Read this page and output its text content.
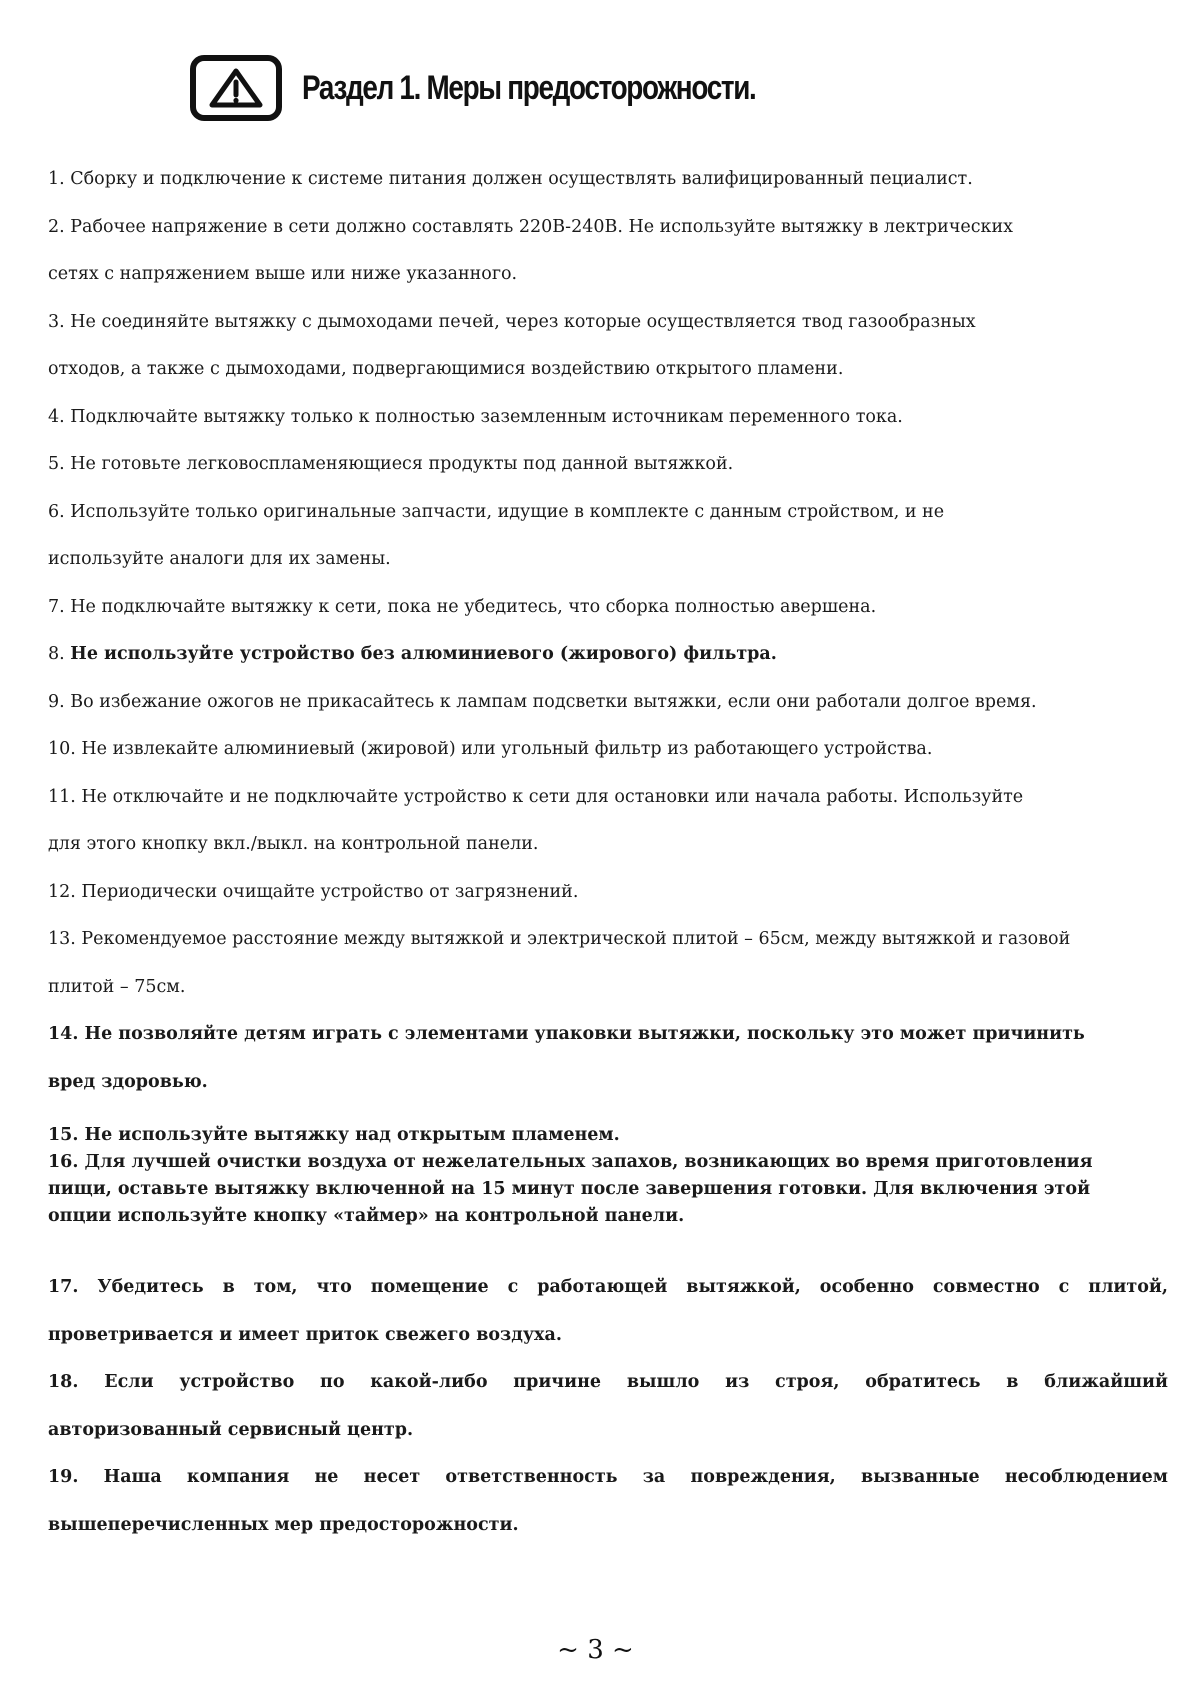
Раздел 1. Меры предосторожности.

1. Сборку и подключение к системе питания должен осуществлять валифицированный пециалист.

2. Рабочее напряжение в сети должно составлять 220В-240В. Не используйте вытяжку в лектрических

сетях с напряжением выше или ниже указанного.

3. Не соединяйте вытяжку с дымоходами печей, через которые осуществляется твод газообразных

отходов, а также с дымоходами, подвергающимися воздействию открытого пламени.

4. Подключайте вытяжку только к полностью заземленным источникам переменного тока.

5. Не готовьте легковоспламеняющиеся продукты под данной вытяжкой.

6. Используйте только оригинальные запчасти, идущие в комплекте с данным стройством, и не

используйте аналоги для их замены.

7. Не подключайте вытяжку к сети, пока не убедитесь, что сборка полностью авершена.

8. Не используйте устройство без алюминиевого (жирового) фильтра.

9. Во избежание ожогов не прикасайтесь к лампам подсветки вытяжки, если они работали долгое время.

10. Не извлекайте алюминиевый (жировой) или угольный фильтр из работающего устройства.

11. Не отключайте и не подключайте устройство к сети для остановки или начала работы. Используйте

для этого кнопку вкл./выкл. на контрольной панели.

12. Периодически очищайте устройство от загрязнений.

13. Рекомендуемое расстояние между вытяжкой и электрической плитой – 65см, между вытяжкой и газовой

плитой – 75см.

14. Не позволяйте детям играть с элементами упаковки вытяжки, поскольку это может причинить

вред здоровью.

15. Не используйте вытяжку над открытым пламенем.

16. Для лучшей очистки воздуха от нежелательных запахов, возникающих во время приготовления

пищи, оставьте вытяжку включенной на 15 минут после завершения готовки. Для включения этой

опции используйте кнопку «таймер» на контрольной панели.

17. Убедитесь в том, что помещение с работающей вытяжкой, особенно совместно с плитой,

проветривается и имеет приток свежего воздуха.

18. Если устройство по какой-либо причине вышло из строя, обратитесь в ближайший

авторизованный сервисный центр.

19. Наша компания не несет ответственность за повреждения, вызванные несоблюдением

вышеперечисленных мер предосторожности.

~ 3 ~
